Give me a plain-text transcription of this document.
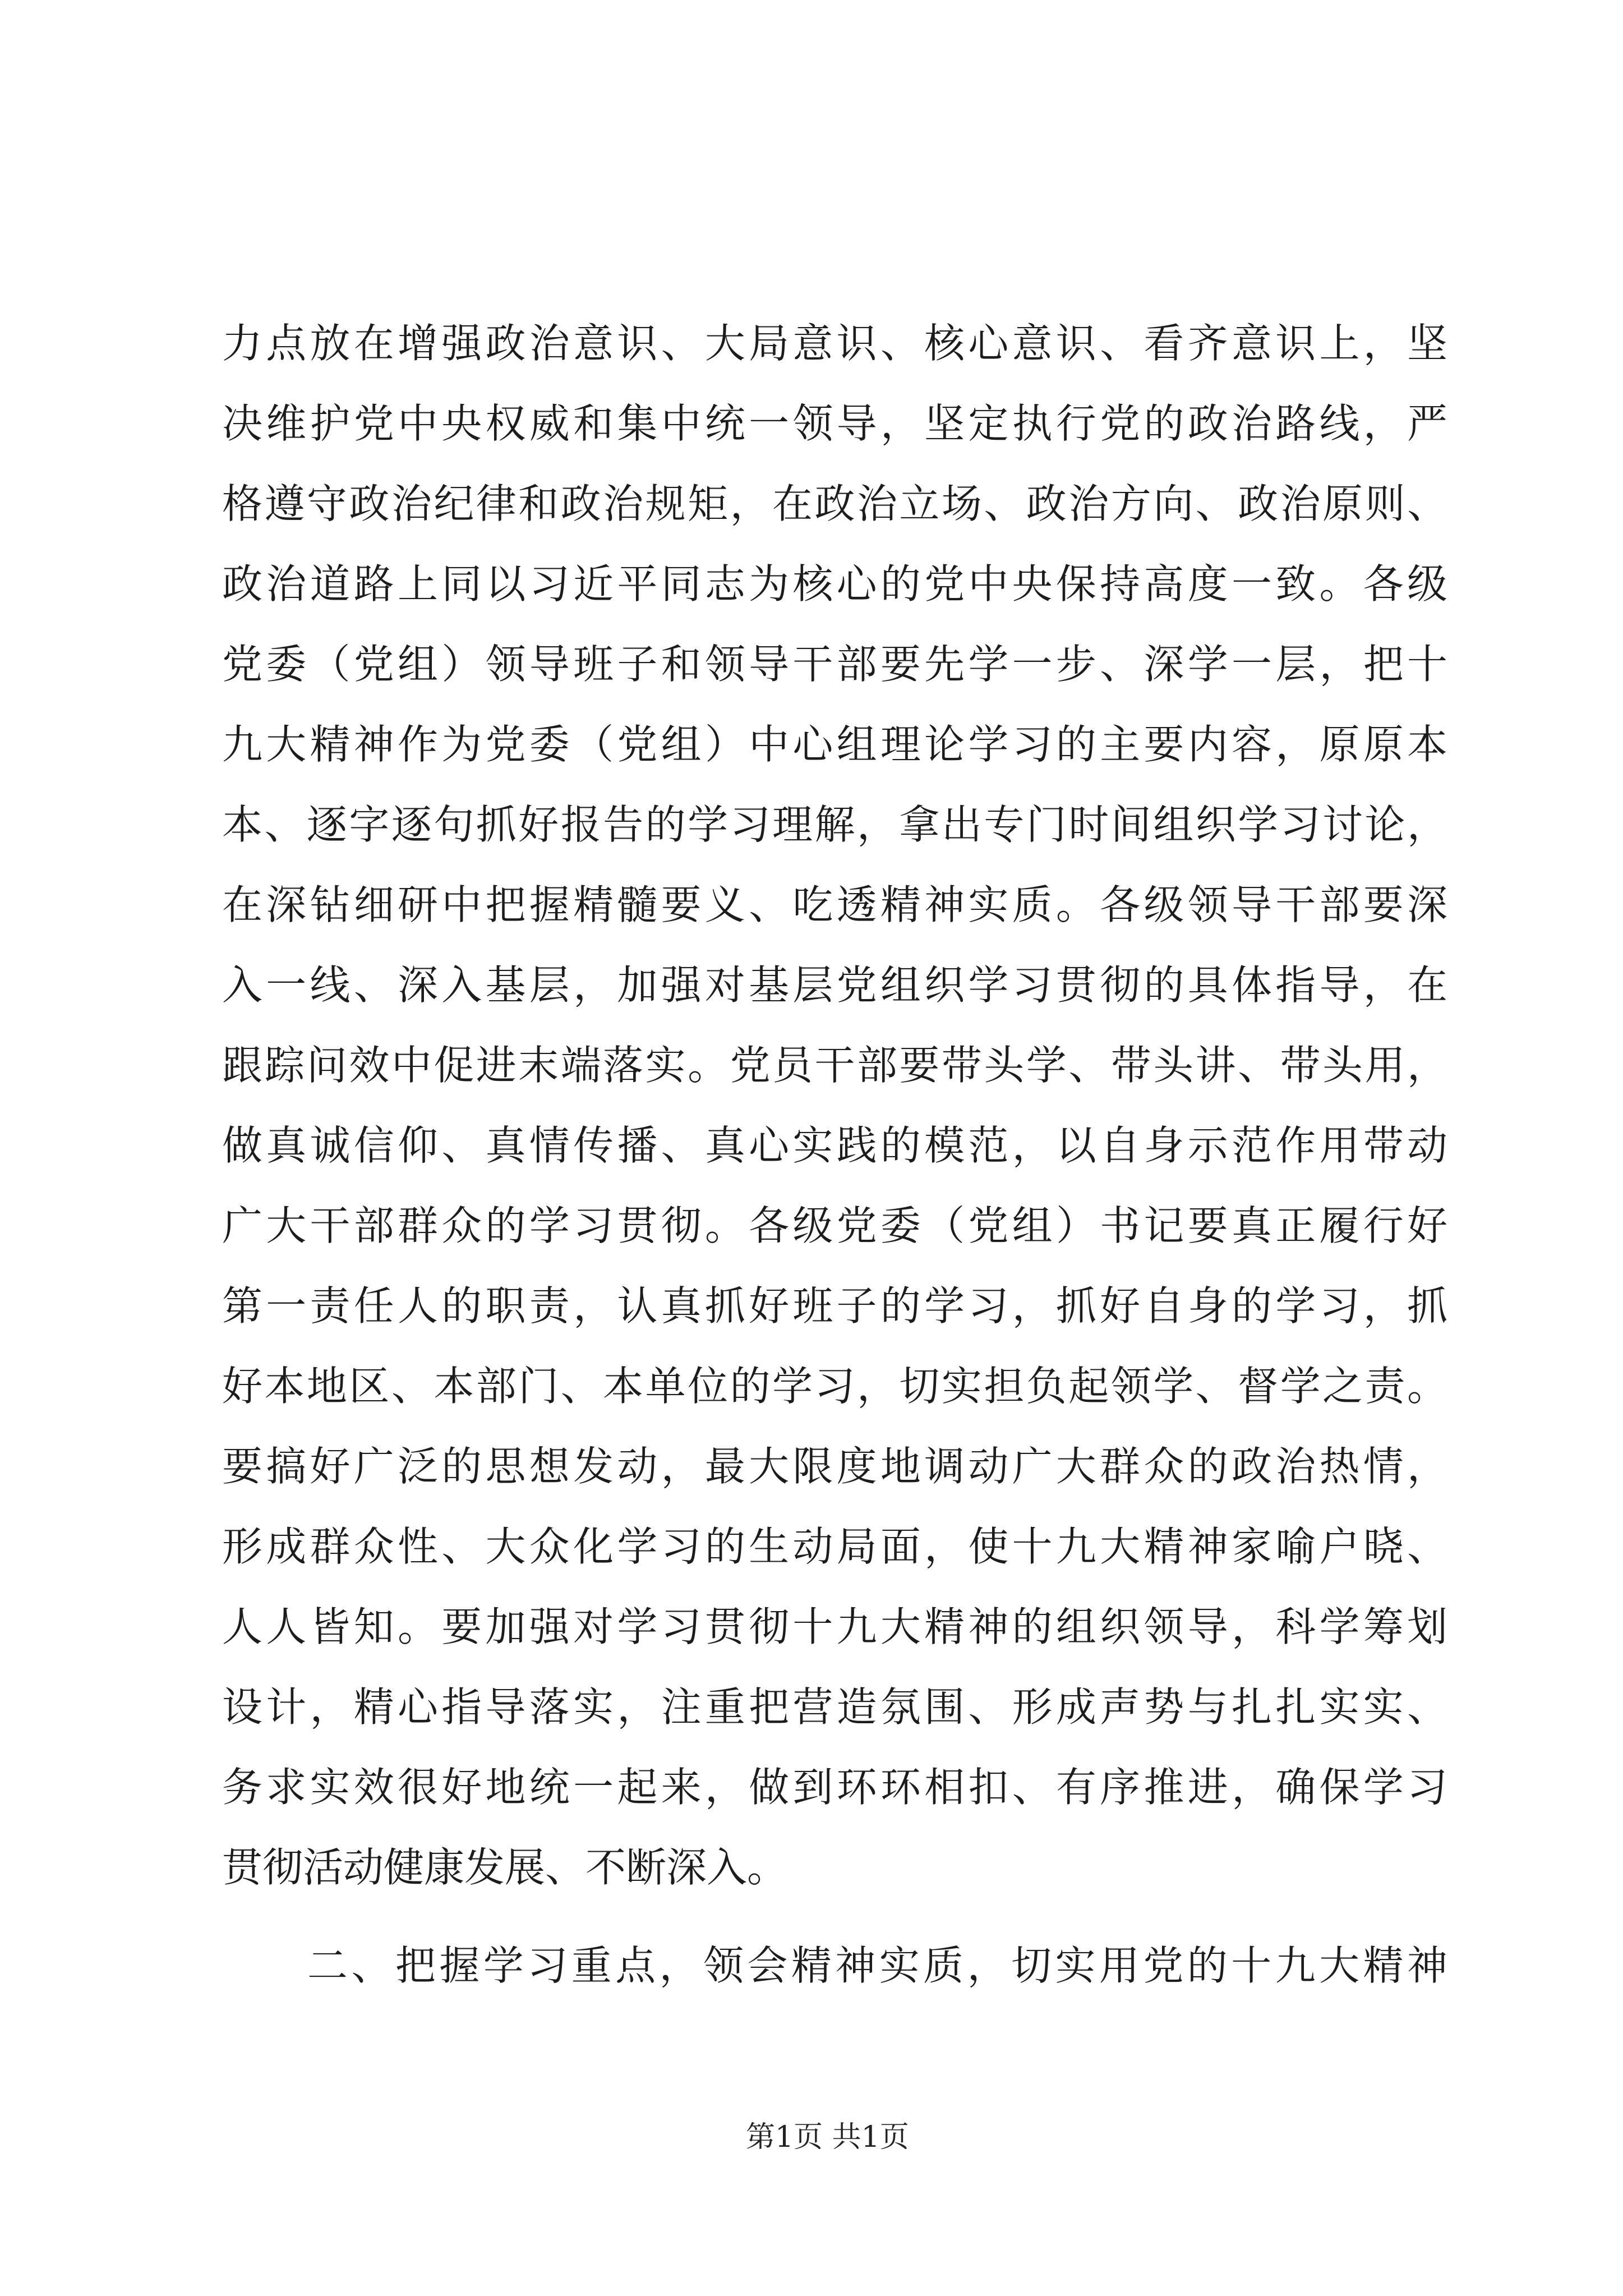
力点放在增强政治意识、大局意识、核心意识、看齐意识上，坚
决维护党中央权威和集中统一领导，坚定执行党的政治路线，严
格遵守政治纪律和政治规矩，在政治立场、政治方向、政治原则、
政治道路上同以习近平同志为核心的党中央保持高度一致。各级
党委（党组）领导班子和领导干部要先学一步、深学一层，把十
九大精神作为党委（党组）中心组理论学习的主要内容，原原本
本、逐字逐句抓好报告的学习理解，拿出专门时间组织学习讨论，
在深钻细研中把握精髓要义、吃透精神实质。各级领导干部要深
入一线、深入基层，加强对基层党组织学习贯彻的具体指导，在
跟踪问效中促进末端落实。党员干部要带头学、带头讲、带头用，
做真诚信仰、真情传播、真心实践的模范，以自身示范作用带动
广大干部群众的学习贯彻。各级党委（党组）书记要真正履行好
第一责任人的职责，认真抓好班子的学习，抓好自身的学习，抓
好本地区、本部门、本单位的学习，切实担负起领学、督学之责。
要搞好广泛的思想发动，最大限度地调动广大群众的政治热情，
形成群众性、大众化学习的生动局面，使十九大精神家喻户晓、
人人皆知。要加强对学习贯彻十九大精神的组织领导，科学筹划
设计，精心指导落实，注重把营造氛围、形成声势与扎扎实实、
务求实效很好地统一起来，做到环环相扣、有序推进，确保学习
贯彻活动健康发展、不断深入。
二、把握学习重点，领会精神实质，切实用党的十九大精神
第1页 共1页
